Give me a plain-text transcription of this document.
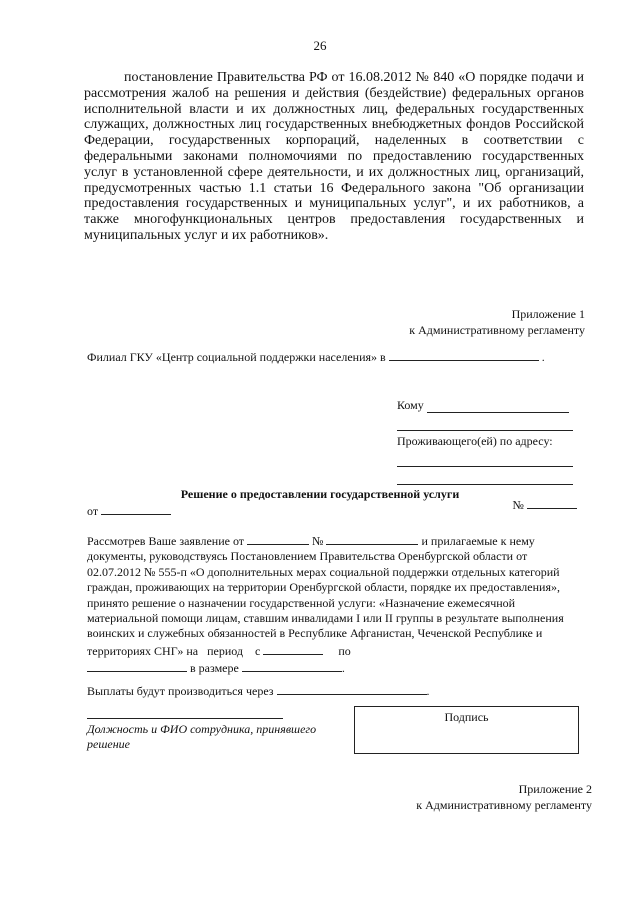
26

постановление Правительства РФ от 16.08.2012 № 840 «О порядке подачи и рассмотрения жалоб на решения и действия (бездействие) федеральных органов исполнительной власти и их должностных лиц, федеральных государственных служащих, должностных лиц государственных внебюджетных фондов Российской Федерации, государственных корпораций, наделенных в соответствии с федеральными законами полномочиями по предоставлению государственных услуг в установленной сфере деятельности, и их должностных лиц, организаций, предусмотренных частью 1.1 статьи 16 Федерального закона "Об организации предоставления государственных и муниципальных услуг", и их работников, а также многофункциональных центров предоставления государственных и муниципальных услуг и их работников».

Приложение 1
к Административному регламенту
Филиал ГКУ «Центр социальной поддержки населения» в	.
Кому

Проживающего(ей) по адресу:
Решение о предоставлении государственной услуги
от	№

Рассмотрев Ваше заявление от	№	и прилагаемые к нему документы, руководствуясь Постановлением Правительства Оренбургской области от 02.07.2012 № 555-п «О дополнительных мерах социальной поддержки отдельных категорий граждан, проживающих на территории Оренбургской области, порядке их предоставления», принято решение о назначении государственной услуги: «Назначение ежемесячной материальной помощи лицам, ставшим инвалидами I или II группы в результате выполнения воинских и служебных обязанностей в Республике Афганистан, Чеченской Республике и территориях СНГ» на период с	по
в размере	.

Выплаты будут производиться через	.
Подпись
Должность и ФИО сотрудника, принявшего решение
Приложение 2
к Административному регламенту
